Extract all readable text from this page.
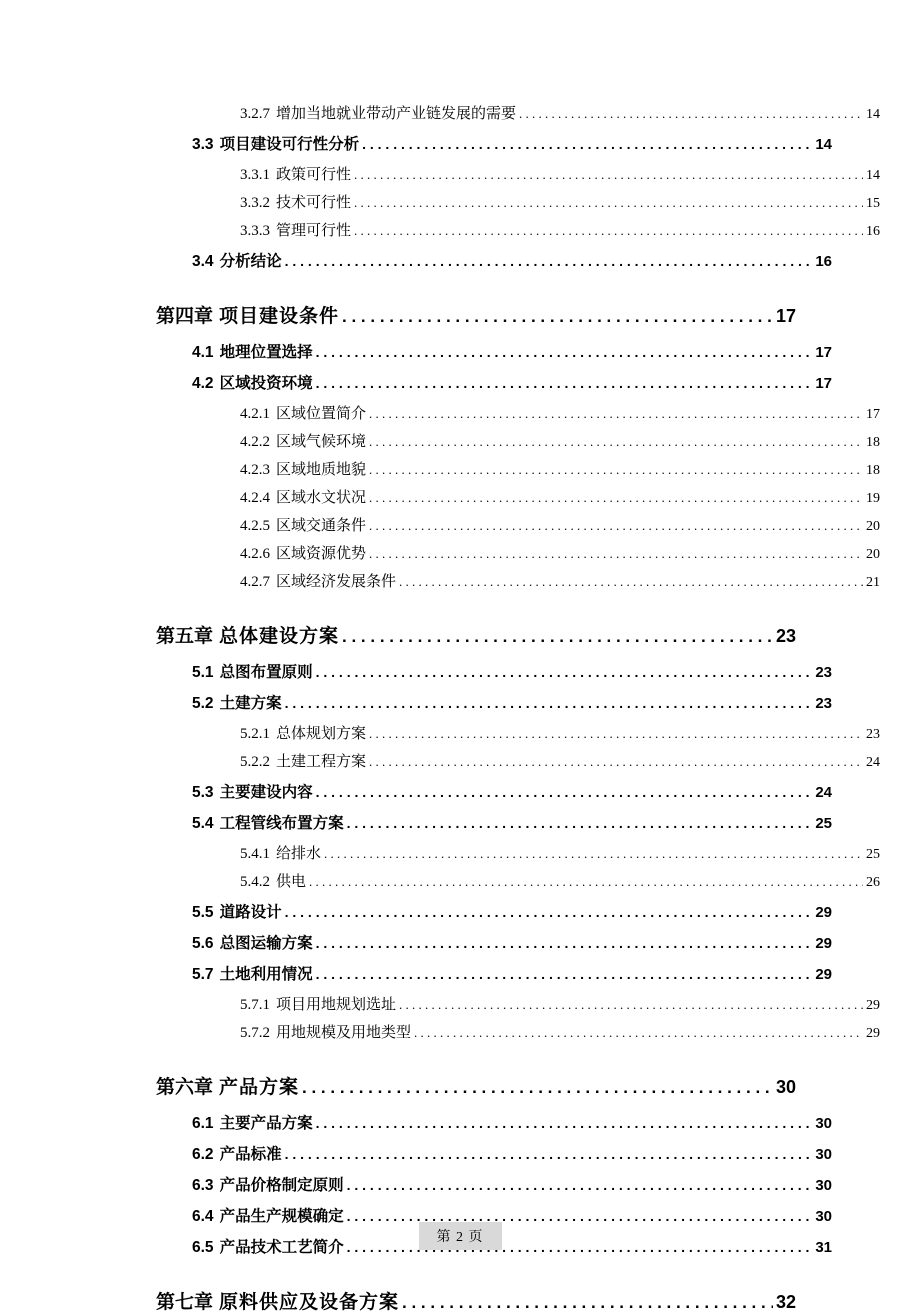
3.2.7 增加当地就业带动产业链发展的需要 . . .	14
3.3 项目建设可行性分析 . . .	14
3.3.1 政策可行性 . . .	14
3.3.2 技术可行性 . . .	15
3.3.3 管理可行性 . . .	16
3.4 分析结论 . . .	16
第四章 项目建设条件 . . .	17
4.1 地理位置选择 . . .	17
4.2 区域投资环境 . . .	17
4.2.1 区域位置简介 . . .	17
4.2.2 区域气候环境 . . .	18
4.2.3 区域地质地貌 . . .	18
4.2.4 区域水文状况 . . .	19
4.2.5 区域交通条件 . . .	20
4.2.6 区域资源优势 . . .	20
4.2.7 区域经济发展条件 . . .	21
第五章 总体建设方案 . . .	23
5.1 总图布置原则 . . .	23
5.2 土建方案 . . .	23
5.2.1 总体规划方案 . . .	23
5.2.2 土建工程方案 . . .	24
5.3 主要建设内容 . . .	24
5.4 工程管线布置方案 . . .	25
5.4.1 给排水 . . .	25
5.4.2 供电 . . .	26
5.5 道路设计 . . .	29
5.6 总图运输方案 . . .	29
5.7 土地利用情况 . . .	29
5.7.1 项目用地规划选址 . . .	29
5.7.2 用地规模及用地类型 . . .	29
第六章 产品方案 . . .	30
6.1 主要产品方案 . . .	30
6.2 产品标准 . . .	30
6.3 产品价格制定原则 . . .	30
6.4 产品生产规模确定 . . .	30
6.5 产品技术工艺简介 . . .	31
第七章 原料供应及设备方案 . . .	32
第 2 页
